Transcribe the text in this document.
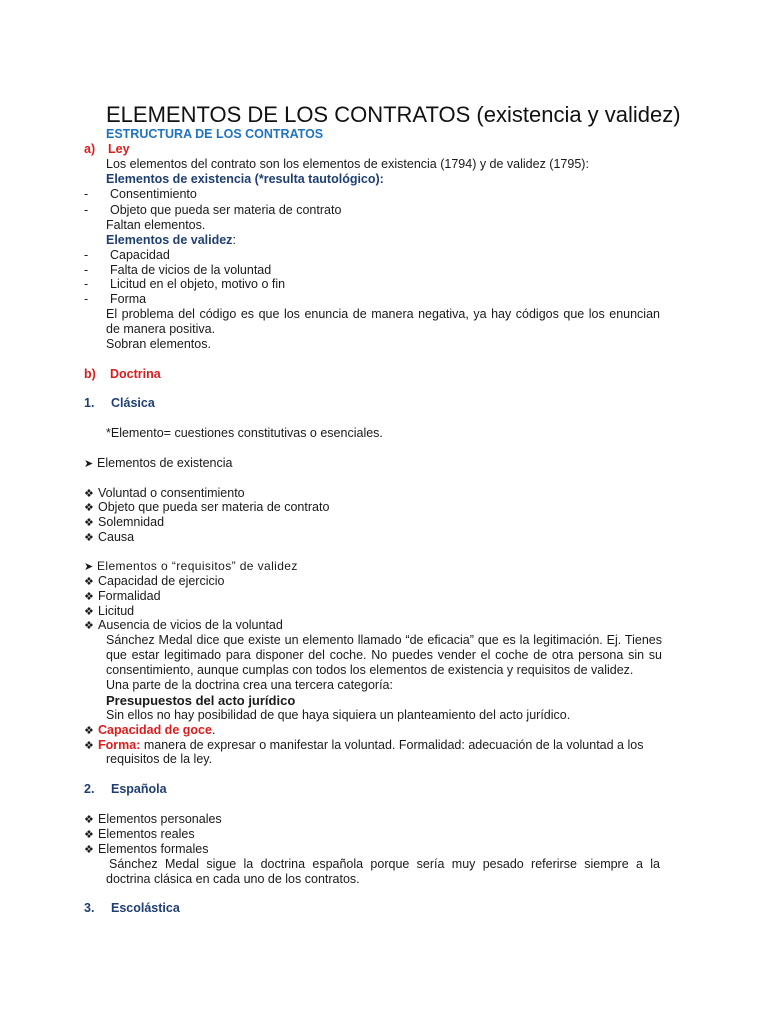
ELEMENTOS DE LOS CONTRATOS (existencia y validez)
ESTRUCTURA DE LOS CONTRATOS
a) Ley
Los elementos del contrato son los elementos de existencia (1794) y de validez (1795):
Elementos de existencia (*resulta tautológico):
- Consentimiento
- Objeto que pueda ser materia de contrato
Faltan elementos.
Elementos de validez:
- Capacidad
- Falta de vicios de la voluntad
- Licitud en el objeto, motivo o fin
- Forma
El problema del código es que los enuncia de manera negativa, ya hay códigos que los enuncian
de manera positiva.
Sobran elementos.
b) Doctrina
1. Clásica
*Elemento= cuestiones constitutivas o esenciales.
➤ Elementos de existencia
❖ Voluntad o consentimiento
❖ Objeto que pueda ser materia de contrato
❖ Solemnidad
❖ Causa
➤ Elementos o “requisitos” de validez
❖ Capacidad de ejercicio
❖ Formalidad
❖ Licitud
❖ Ausencia de vicios de la voluntad
Sánchez Medal dice que existe un elemento llamado “de eficacia” que es la legitimación. Ej. Tienes
que estar legitimado para disponer del coche. No puedes vender el coche de otra persona sin su
consentimiento, aunque cumplas con todos los elementos de existencia y requisitos de validez.
Una parte de la doctrina crea una tercera categoría:
Presupuestos del acto jurídico
Sin ellos no hay posibilidad de que haya siquiera un planteamiento del acto jurídico.
❖ Capacidad de goce.
❖ Forma: manera de expresar o manifestar la voluntad. Formalidad: adecuación de la voluntad a los
requisitos de la ley.
2. Española
❖ Elementos personales
❖ Elementos reales
❖ Elementos formales
Sánchez Medal sigue la doctrina española porque sería muy pesado referirse siempre a la
doctrina clásica en cada uno de los contratos.
3. Escolástica
